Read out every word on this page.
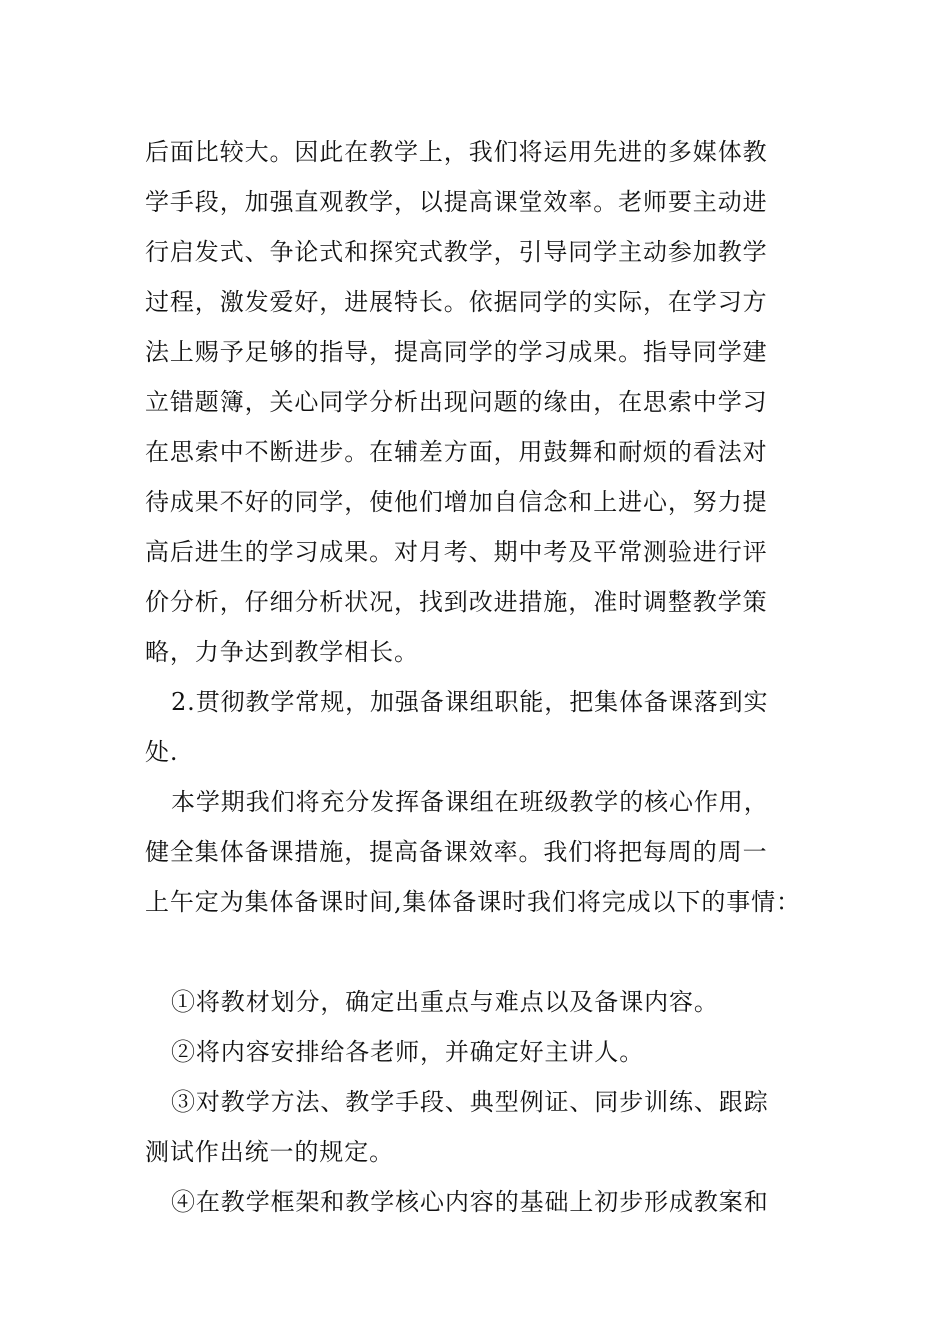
后面比较大。因此在教学上，我们将运用先进的多媒体教
学手段，加强直观教学，以提高课堂效率。老师要主动进
行启发式、争论式和探究式教学，引导同学主动参加教学
过程，激发爱好，进展特长。依据同学的实际，在学习方
法上赐予足够的指导，提高同学的学习成果。指导同学建
立错题簿，关心同学分析出现问题的缘由，在思索中学习
在思索中不断进步。在辅差方面，用鼓舞和耐烦的看法对
待成果不好的同学，使他们增加自信念和上进心，努力提
高后进生的学习成果。对月考、期中考及平常测验进行评
价分析，仔细分析状况，找到改进措施，准时调整教学策
略，力争达到教学相长。
2.贯彻教学常规，加强备课组职能，把集体备课落到实
处.
本学期我们将充分发挥备课组在班级教学的核心作用，
健全集体备课措施，提高备课效率。我们将把每周的周一
上午定为集体备课时间,集体备课时我们将完成以下的事情：
①将教材划分，确定出重点与难点以及备课内容。
②将内容安排给各老师，并确定好主讲人。
③对教学方法、教学手段、典型例证、同步训练、跟踪
测试作出统一的规定。
④在教学框架和教学核心内容的基础上初步形成教案和
